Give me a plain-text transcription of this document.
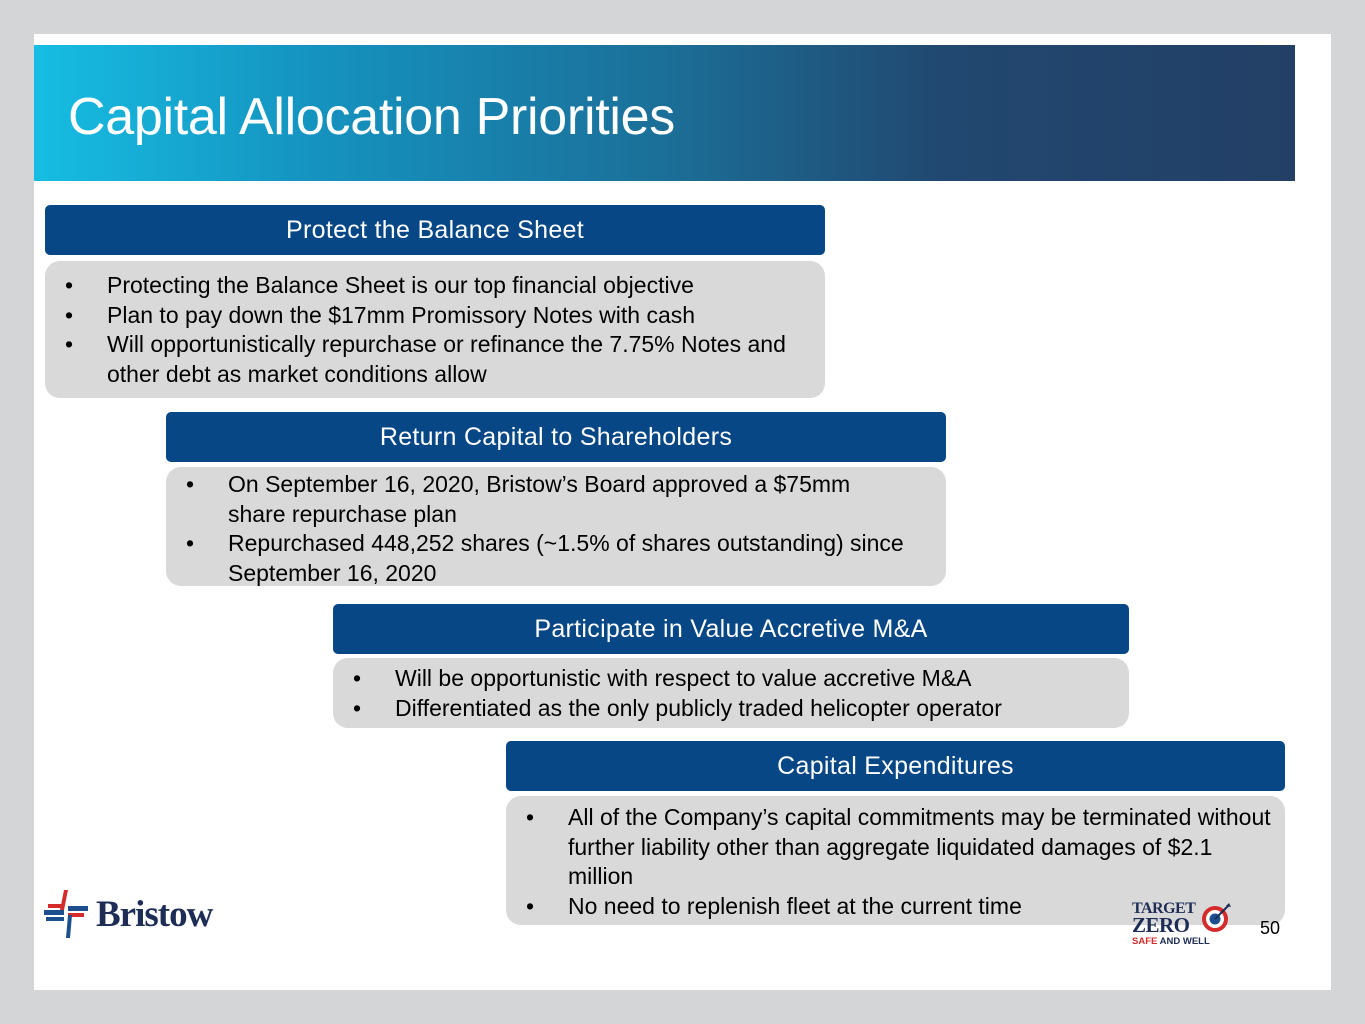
Capital Allocation Priorities
Protect the Balance Sheet
• Protecting the Balance Sheet is our top financial objective
• Plan to pay down the $17mm Promissory Notes with cash
• Will opportunistically repurchase or refinance the 7.75% Notes and other debt as market conditions allow
Return Capital to Shareholders
• On September 16, 2020, Bristow’s Board approved a $75mm share repurchase plan
• Repurchased 448,252 shares (~1.5% of shares outstanding) since September 16, 2020
Participate in Value Accretive M&A
• Will be opportunistic with respect to value accretive M&A
• Differentiated as the only publicly traded helicopter operator
Capital Expenditures
• All of the Company’s capital commitments may be terminated without further liability other than aggregate liquidated damages of $2.1 million
• No need to replenish fleet at the current time
Bristow	TARGET
ZERO
SAFE AND WELL
50
